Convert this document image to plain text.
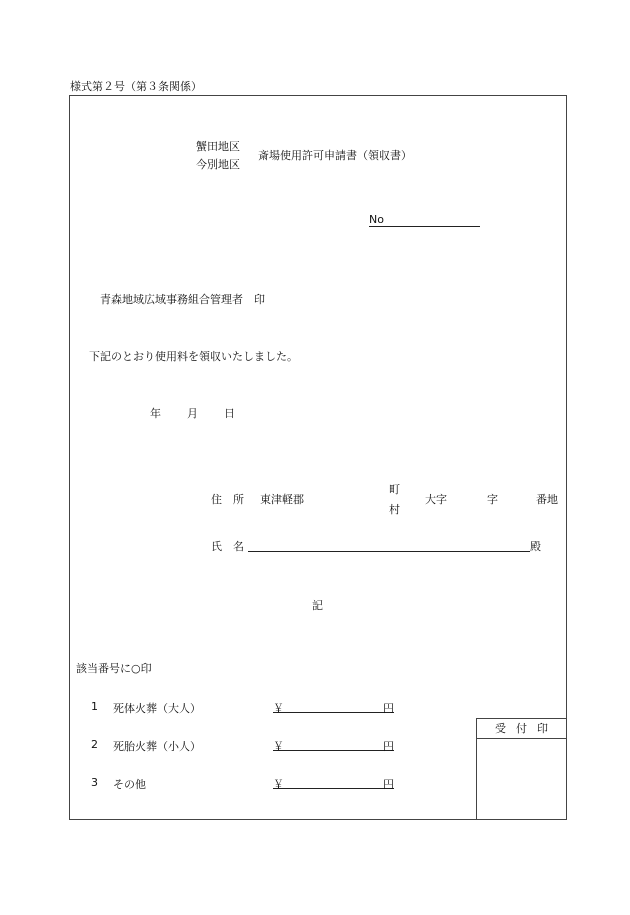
様式第２号（第３条関係）
蟹田地区
今別地区
斎場使用許可申請書（領収書）
No
青森地域広域事務組合管理者　印
下記のとおり使用料を領収いたしました。
年 月 日
住　所 東津軽郡
町
村
大字	字	番地
氏　名	殿
記
該当番号に○印
1 死体火葬（大人）	￥	円
2 死胎火葬（小人）	￥	円
3 その他	￥	円
受付印
